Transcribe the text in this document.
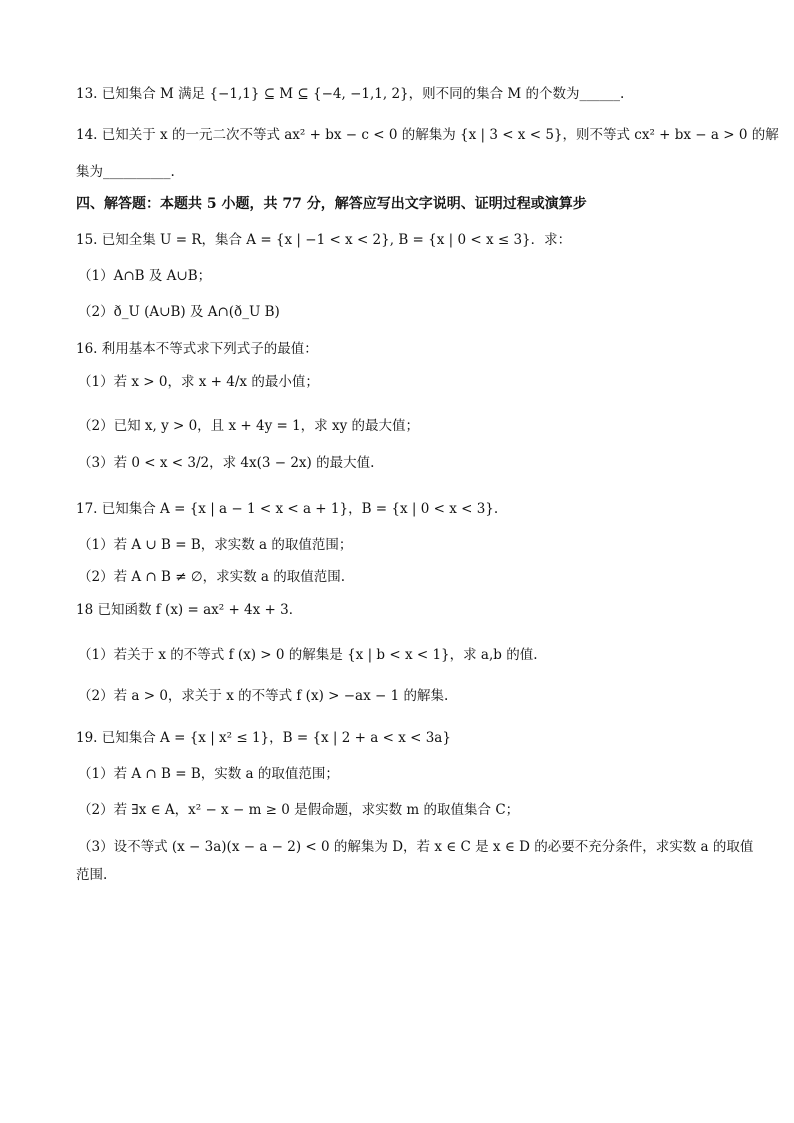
13. 已知集合 M 满足 {−1,1} ⊆ M ⊆ {−4, −1,1, 2}，则不同的集合 M 的个数为______.
14. 已知关于 x 的一元二次不等式 ax² + bx − c < 0 的解集为 {x | 3 < x < 5}，则不等式 cx² + bx − a > 0 的解
集为__________.
四、解答题：本题共 5 小题，共 77 分，解答应写出文字说明、证明过程或演算步
15. 已知全集 U = R，集合 A = {x | −1 < x < 2}, B = {x | 0 < x ≤ 3}．求：
（1）A∩B 及 A∪B；
（2）ð_U (A∪B) 及 A∩(ð_U B)
16. 利用基本不等式求下列式子的最值：
（1）若 x > 0，求 x + 4/x 的最小值；
（2）已知 x, y > 0，且 x + 4y = 1，求 xy 的最大值；
（3）若 0 < x < 3/2，求 4x(3 − 2x) 的最大值.
17. 已知集合 A = {x | a − 1 < x < a + 1}，B = {x | 0 < x < 3}.
（1）若 A ∪ B = B，求实数 a 的取值范围；
（2）若 A ∩ B ≠ ∅，求实数 a 的取值范围.
18 已知函数 f (x) = ax² + 4x + 3．
（1）若关于 x 的不等式 f (x) > 0 的解集是 {x | b < x < 1}，求 a,b 的值.
（2）若 a > 0，求关于 x 的不等式 f (x) > −ax − 1 的解集.
19. 已知集合 A = {x | x² ≤ 1}，B = {x | 2 + a < x < 3a}
（1）若 A ∩ B = B，实数 a 的取值范围；
（2）若 ∃x ∈ A，x² − x − m ≥ 0 是假命题，求实数 m 的取值集合 C；
（3）设不等式 (x − 3a)(x − a − 2) < 0 的解集为 D，若 x ∈ C 是 x ∈ D 的必要不充分条件，求实数 a 的取值
范围.
